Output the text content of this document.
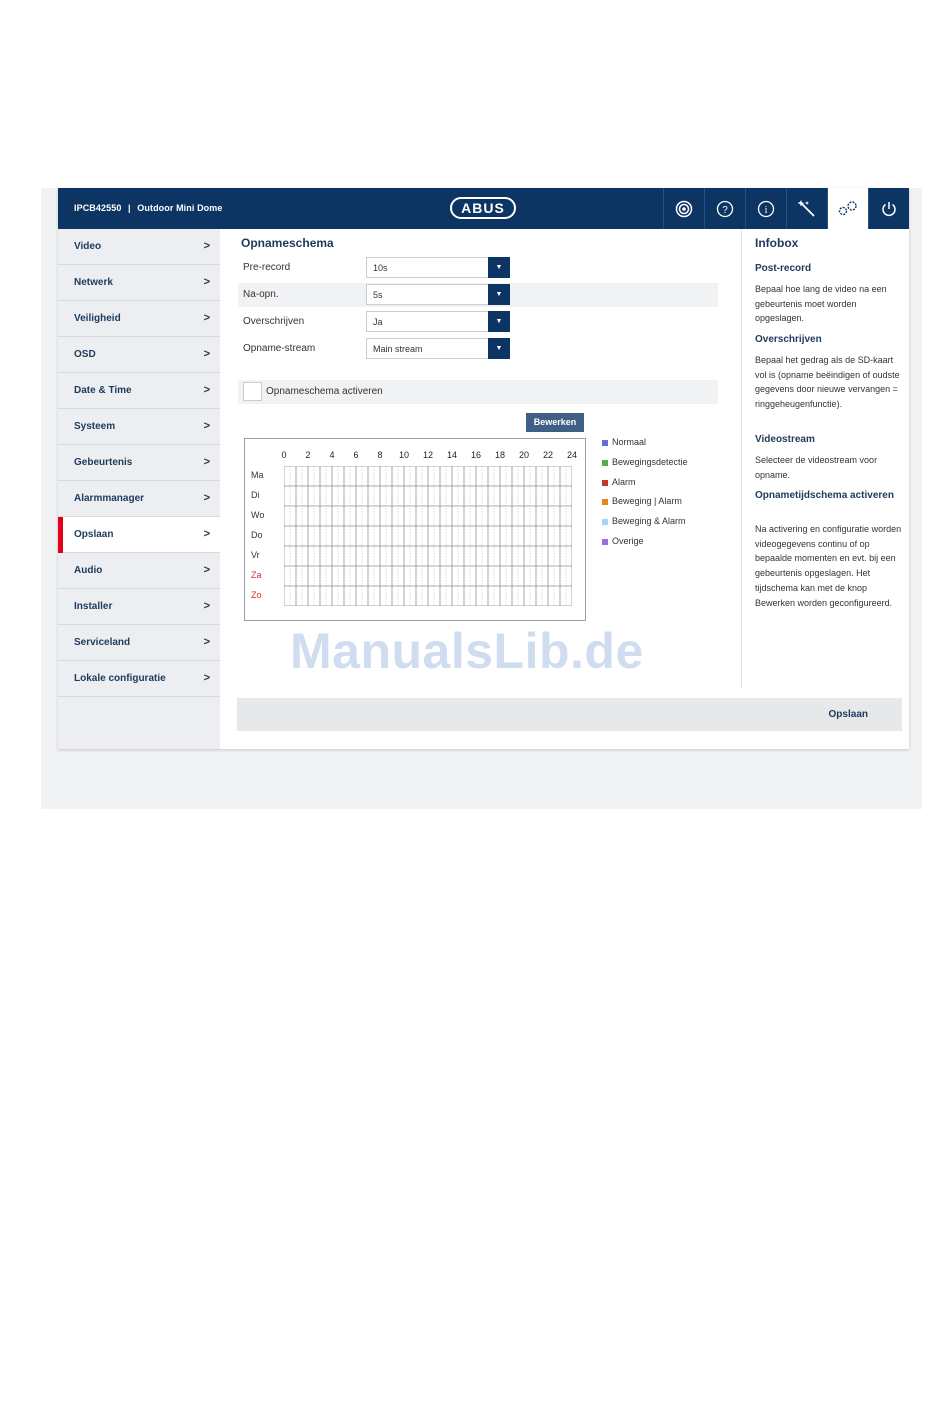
IPCB42550 | Outdoor Mini Dome	ABUS	?	i
Video	>
Netwerk	>
Veiligheid	>
OSD	>
Date & Time	>
Systeem	>
Gebeurtenis	>
Alarmmanager	>
Opslaan	>
Audio	>
Installer	>
Serviceland	>
Lokale configuratie	>
Opnameschema
Pre-record	10s	▼
Na-opn.	5s	▼
Overschrijven	Ja	▼
Opname-stream	Main stream	▼
Opnameschema activeren
Bewerken
0	2	4	6	8	10	12	14	16	18	20	22	24
Ma
Di
Wo
Do
Vr
Za
Zo
Normaal
Bewegingsdetectie
Alarm
Beweging | Alarm
Beweging & Alarm
Overige
Infobox
Post-record
Bepaal hoe lang de video na een gebeurtenis moet worden opgeslagen.
Overschrijven
Bepaal het gedrag als de SD-kaart vol is (opname beëindigen of oudste gegevens door nieuwe vervangen = ringgeheugenfunctie).
Videostream
Selecteer de videostream voor opname.
Opnametijdschema activeren
Na activering en configuratie worden videogegevens continu of op bepaalde momenten en evt. bij een gebeurtenis opgeslagen. Het tijdschema kan met de knop Bewerken worden geconfigureerd.
Opslaan
ManualsLib.de
